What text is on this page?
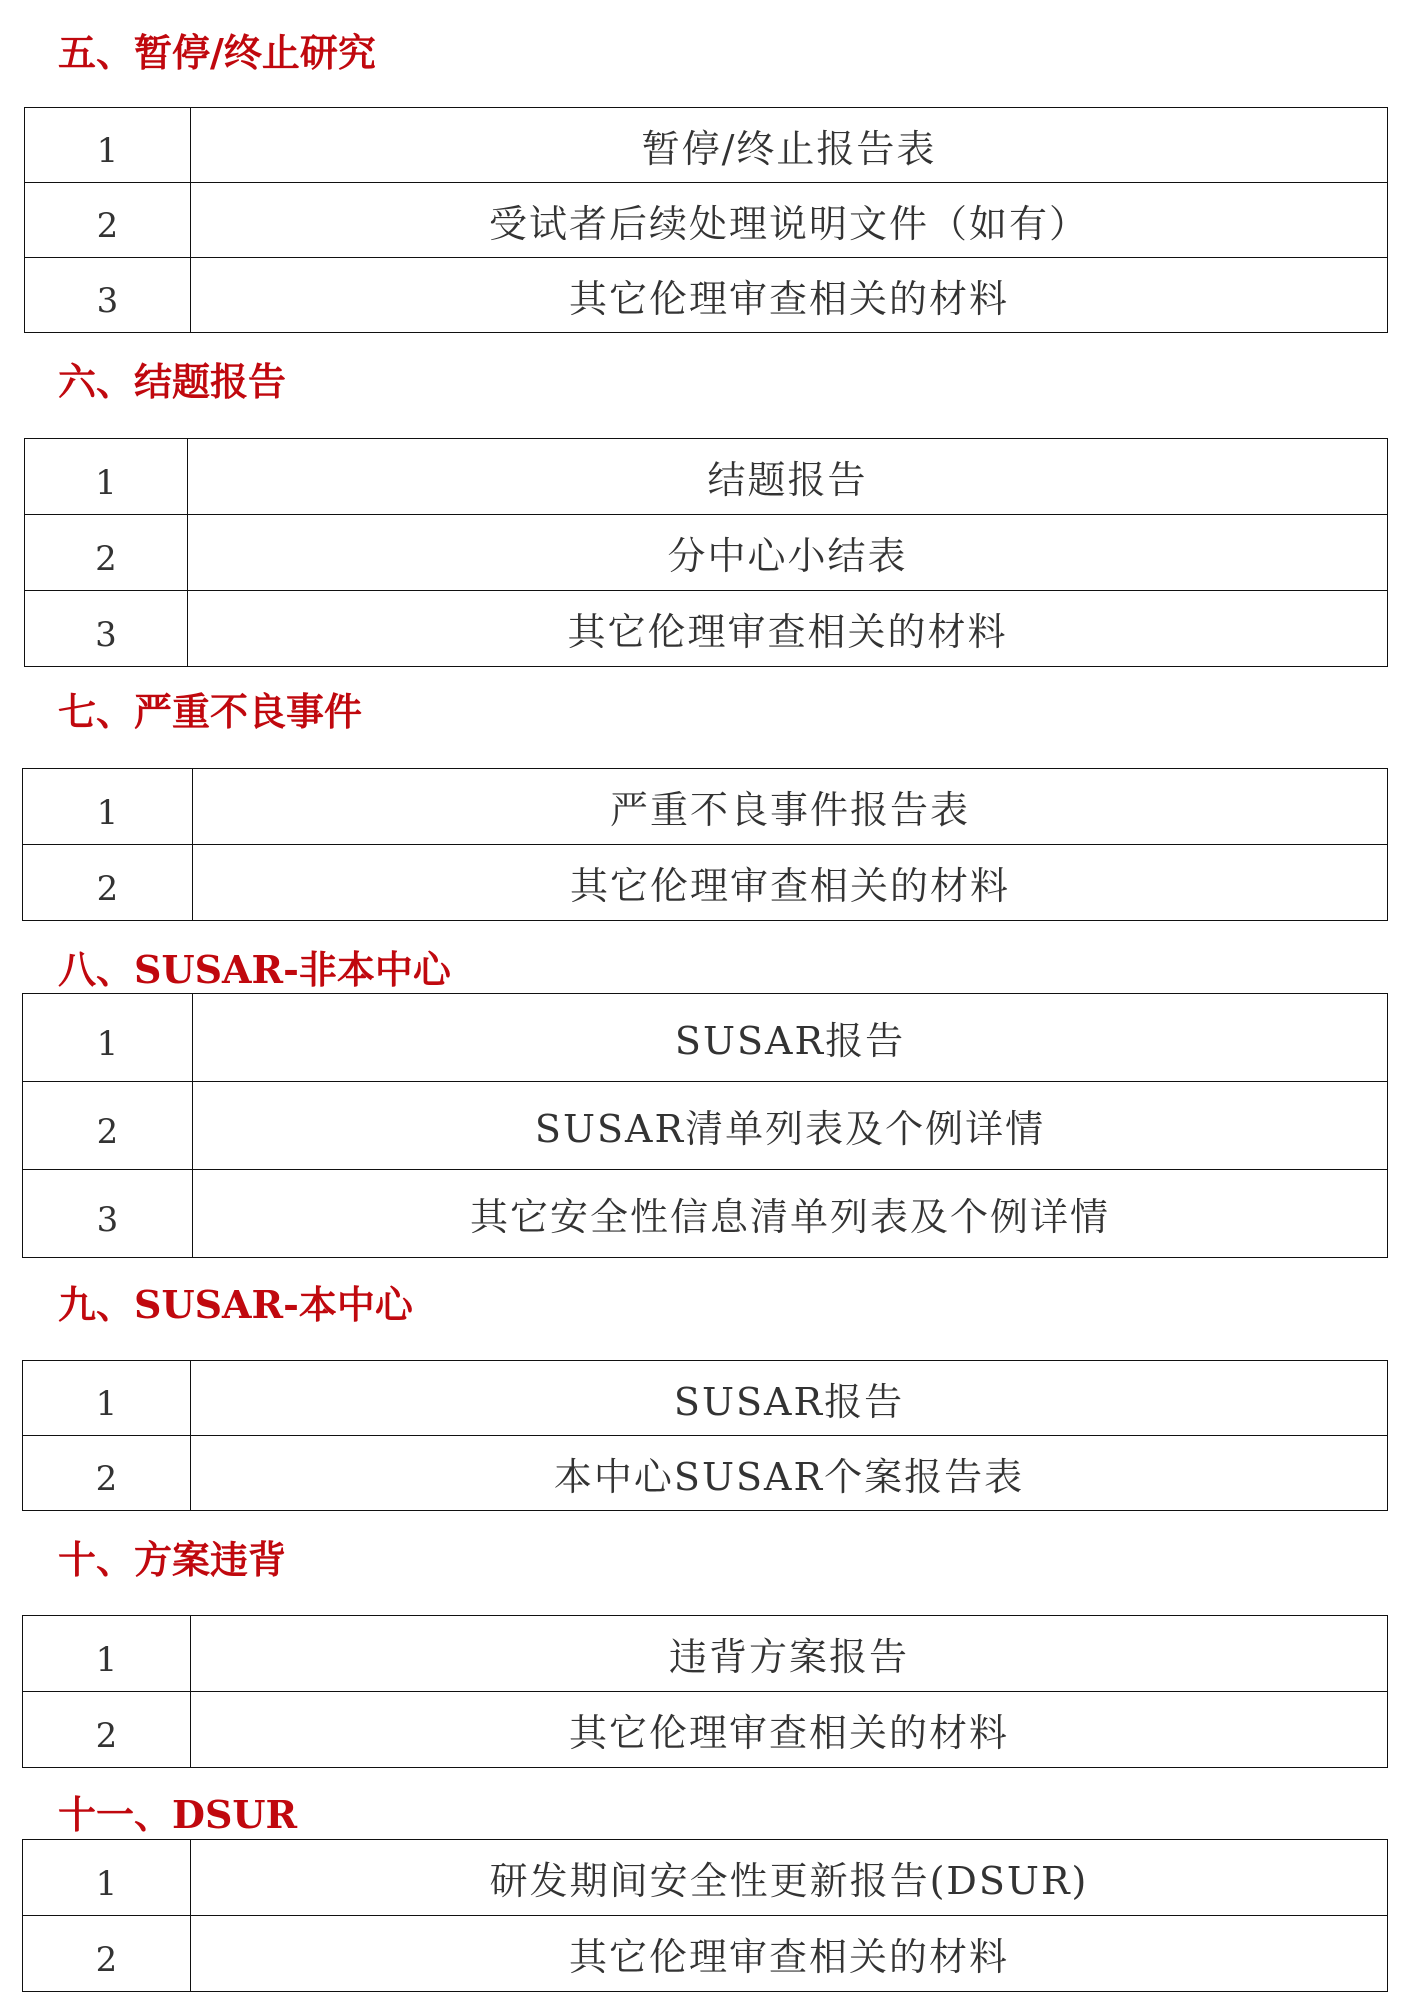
五、暂停/终止研究
1	暂停/终止报告表
2	受试者后续处理说明文件（如有）
3	其它伦理审查相关的材料
六、结题报告
1	结题报告
2	分中心小结表
3	其它伦理审查相关的材料
七、严重不良事件
1	严重不良事件报告表
2	其它伦理审查相关的材料
八、SUSAR-非本中心
1	SUSAR报告
2	SUSAR清单列表及个例详情
3	其它安全性信息清单列表及个例详情
九、SUSAR-本中心
1	SUSAR报告
2	本中心SUSAR个案报告表
十、方案违背
1	违背方案报告
2	其它伦理审查相关的材料
十一、DSUR
1	研发期间安全性更新报告(DSUR)
2	其它伦理审查相关的材料
